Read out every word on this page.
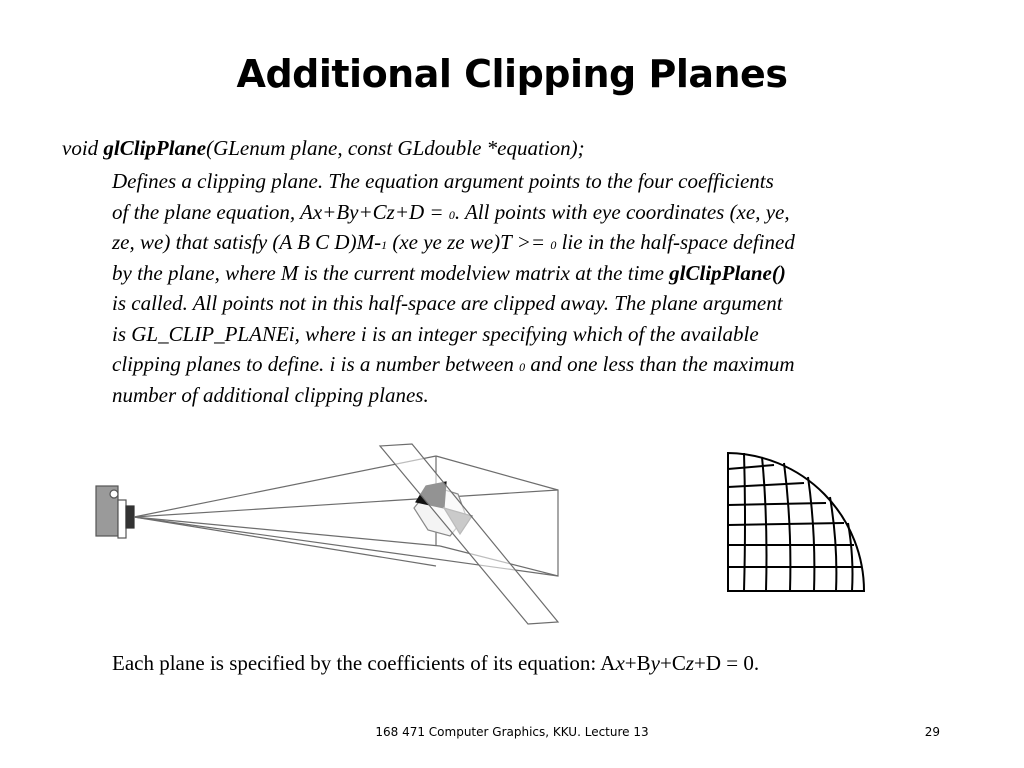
Additional Clipping Planes
void glClipPlane(GLenum plane, const GLdouble *equation);
Defines a clipping plane. The equation argument points to the four coefficients
of the plane equation, Ax+By+Cz+D = 0. All points with eye coordinates (xe, ye,
ze, we) that satisfy (A B C D)M-1 (xe ye ze we)T >= 0 lie in the half-space defined
by the plane, where M is the current modelview matrix at the time glClipPlane()
is called. All points not in this half-space are clipped away. The plane argument
is GL_CLIP_PLANEi, where i is an integer specifying which of the available
clipping planes to define. i is a number between 0 and one less than the maximum
number of additional clipping planes.
Each plane is specified by the coefficients of its equation: Ax+By+Cz+D = 0.
168 471 Computer Graphics, KKU. Lecture 13	29
